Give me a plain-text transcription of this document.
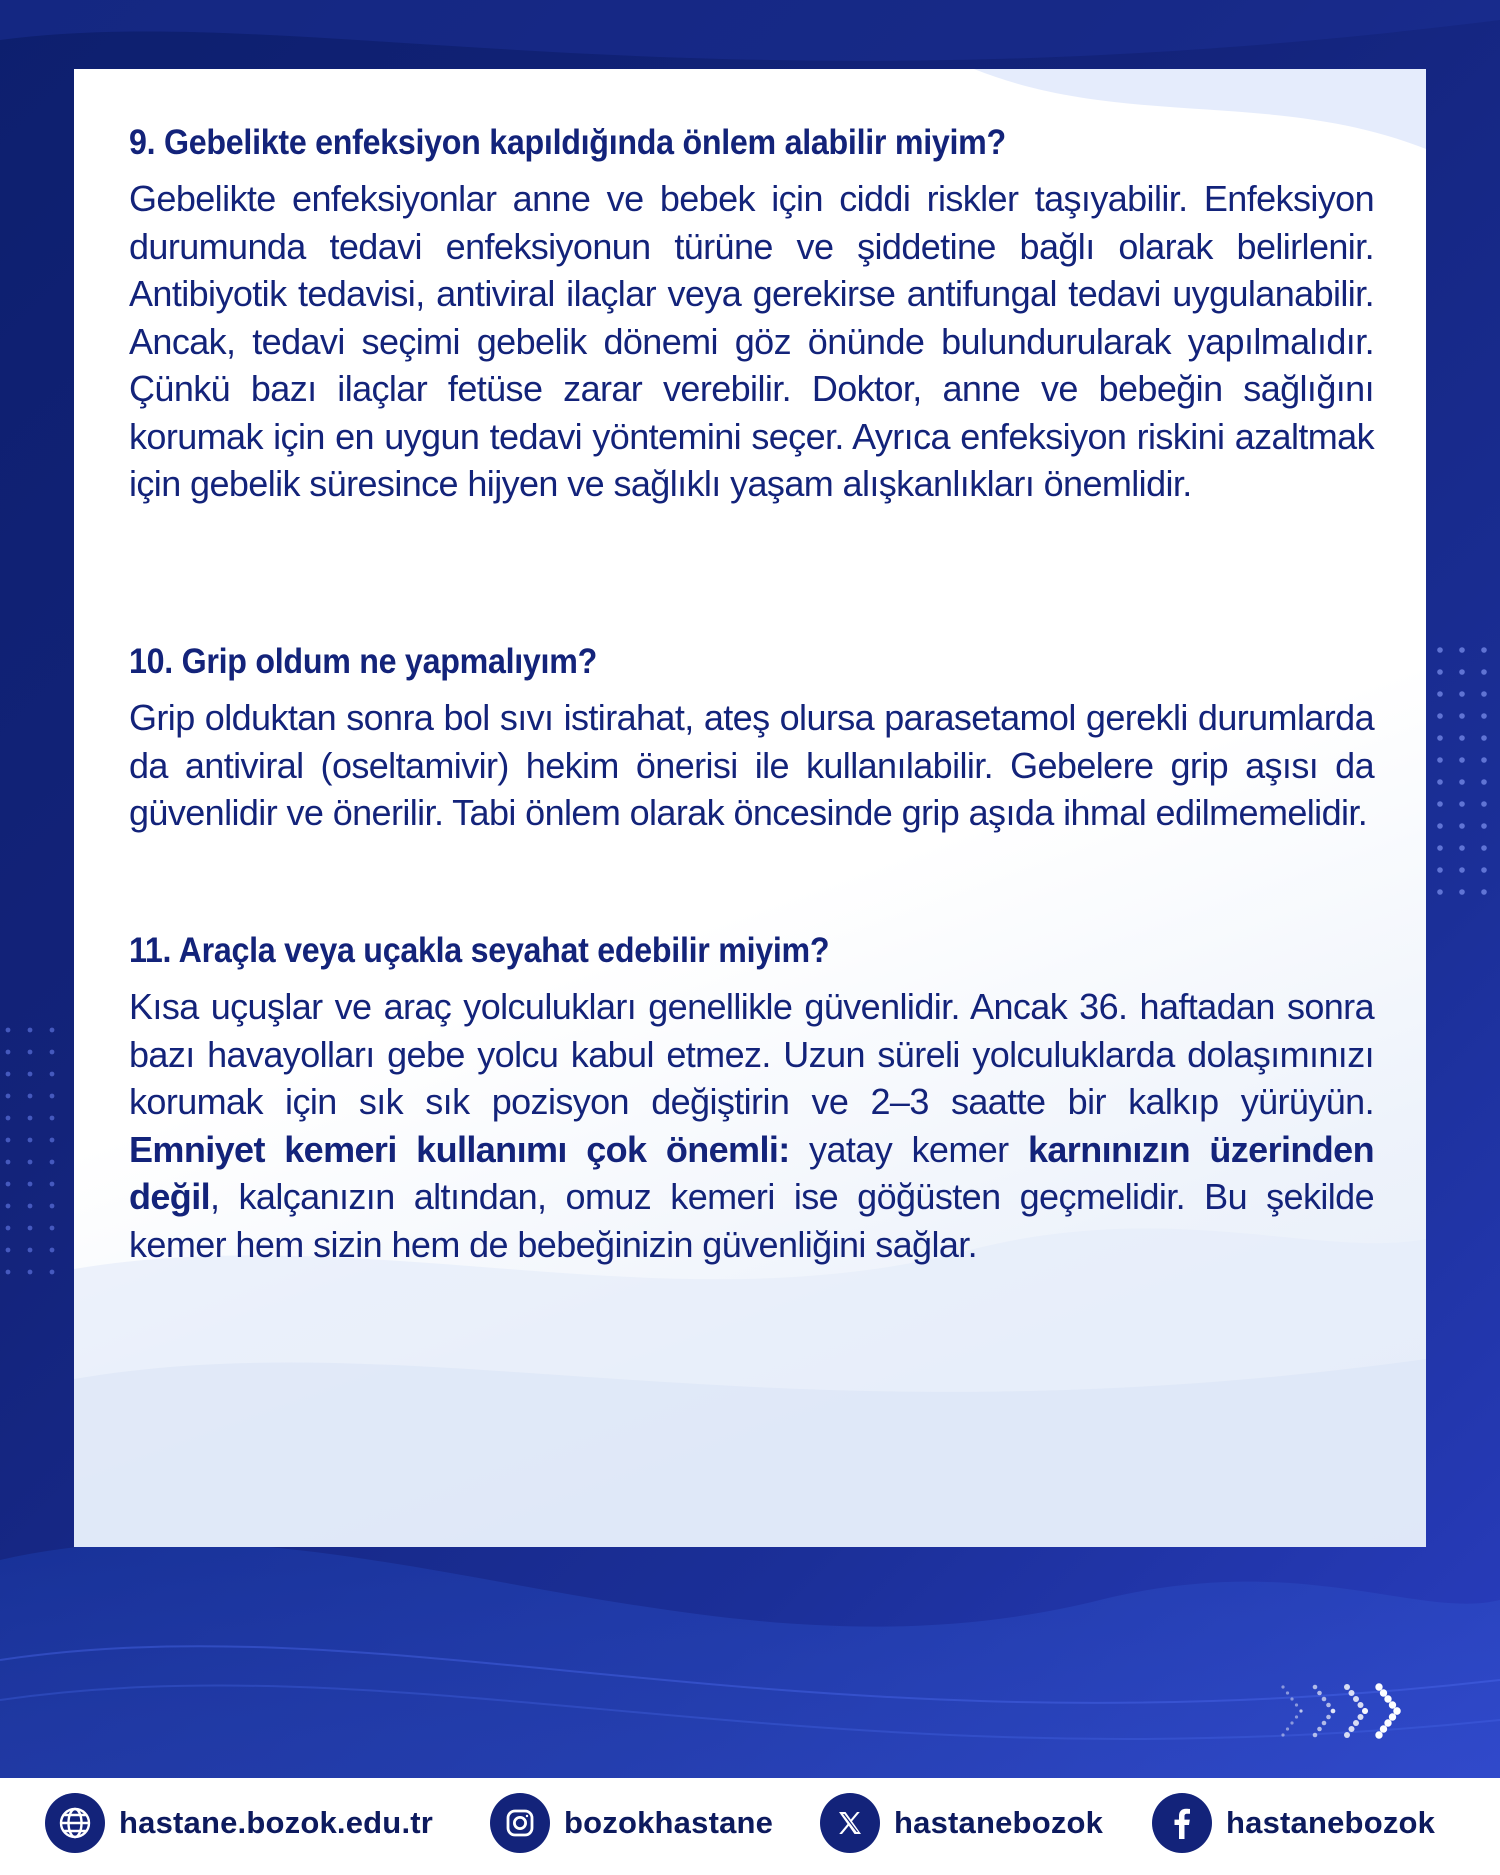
9. Gebelikte enfeksiyon kapıldığında önlem alabilir miyim?

Gebelikte enfeksiyonlar anne ve bebek için ciddi riskler taşıyabilir. Enfeksiyon durumunda tedavi enfeksiyonun türüne ve şiddetine bağlı olarak belirlenir. Antibiyotik tedavisi, antiviral ilaçlar veya gerekirse antifungal tedavi uygulanabilir. Ancak, tedavi seçimi gebelik dönemi göz önünde bulundurularak yapılmalıdır. Çünkü bazı ilaçlar fetüse zarar verebilir. Doktor, anne ve bebeğin sağlığını korumak için en uygun tedavi yöntemini seçer. Ayrıca enfeksiyon riskini azaltmak için gebelik süresince hijyen ve sağlıklı yaşam alışkanlıkları önemlidir.

10. Grip oldum ne yapmalıyım?

Grip olduktan sonra bol sıvı istirahat, ateş olursa parasetamol gerekli durumlarda da antiviral (oseltamivir) hekim önerisi ile kullanılabilir. Gebelere grip aşısı da güvenlidir ve önerilir. Tabi önlem olarak öncesinde grip aşıda ihmal edilmemelidir.

11. Araçla veya uçakla seyahat edebilir miyim?

Kısa uçuşlar ve araç yolculukları genellikle güvenlidir. Ancak 36. haftadan sonra bazı havayolları gebe yolcu kabul etmez. Uzun süreli yolculuklarda dolaşımınızı korumak için sık sık pozisyon değiştirin ve 2–3 saatte bir kalkıp yürüyün. Emniyet kemeri kullanımı çok önemli: yatay kemer karnınızın üzerinden değil, kalçanızın altından, omuz kemeri ise göğüsten geçmelidir. Bu şekilde kemer hem sizin hem de bebeğinizin güvenliğini sağlar.

hastane.bozok.edu.tr	bozokhastane	hastanebozok	hastanebozok
